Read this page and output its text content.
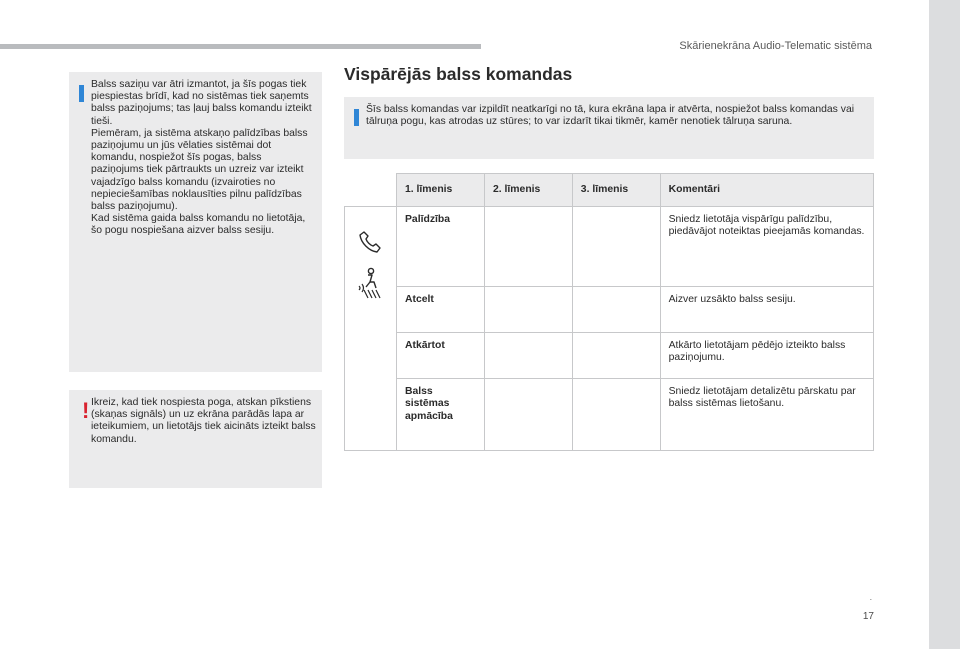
Skārienekrāna Audio-Telematic sistēma
Balss saziņu var ātri izmantot, ja šīs pogas tiek piespiestas brīdī, kad no sistēmas tiek saņemts balss paziņojums; tas ļauj balss komandu izteikt tieši.
Piemēram, ja sistēma atskaņo palīdzības balss paziņojumu un jūs vēlaties sistēmai dot komandu, nospiežot šīs pogas, balss paziņojums tiek pārtraukts un uzreiz var izteikt vajadzīgo balss komandu (izvairoties no nepieciešamības noklausīties pilnu palīdzības balss paziņojumu).
Kad sistēma gaida balss komandu no lietotāja, šo pogu nospiešana aizver balss sesiju.
! Ikreiz, kad tiek nospiesta poga, atskan pīkstiens (skaņas signāls) un uz ekrāna parādās lapa ar ieteikumiem, un lietotājs tiek aicināts izteikt balss komandu.
Vispārējās balss komandas
Šīs balss komandas var izpildīt neatkarīgi no tā, kura ekrāna lapa ir atvērta, nospiežot balss komandas vai tālruņa pogu, kas atrodas uz stūres; to var izdarīt tikai tikmēr, kamēr nenotiek tālruņa saruna.
	1. līmenis	2. līmenis	3. līmenis	Komentāri

	Palīdzība			Sniedz lietotāja vispārīgu palīdzību, piedāvājot noteiktas pieejamās komandas.
	Atcelt			Aizver uzsākto balss sesiju.
	Atkārtot			Atkārto lietotājam pēdējo izteikto balss paziņojumu.
	Balss sistēmas apmācība			Sniedz lietotājam detalizētu pārskatu par balss sistēmas lietošanu.
.
17
